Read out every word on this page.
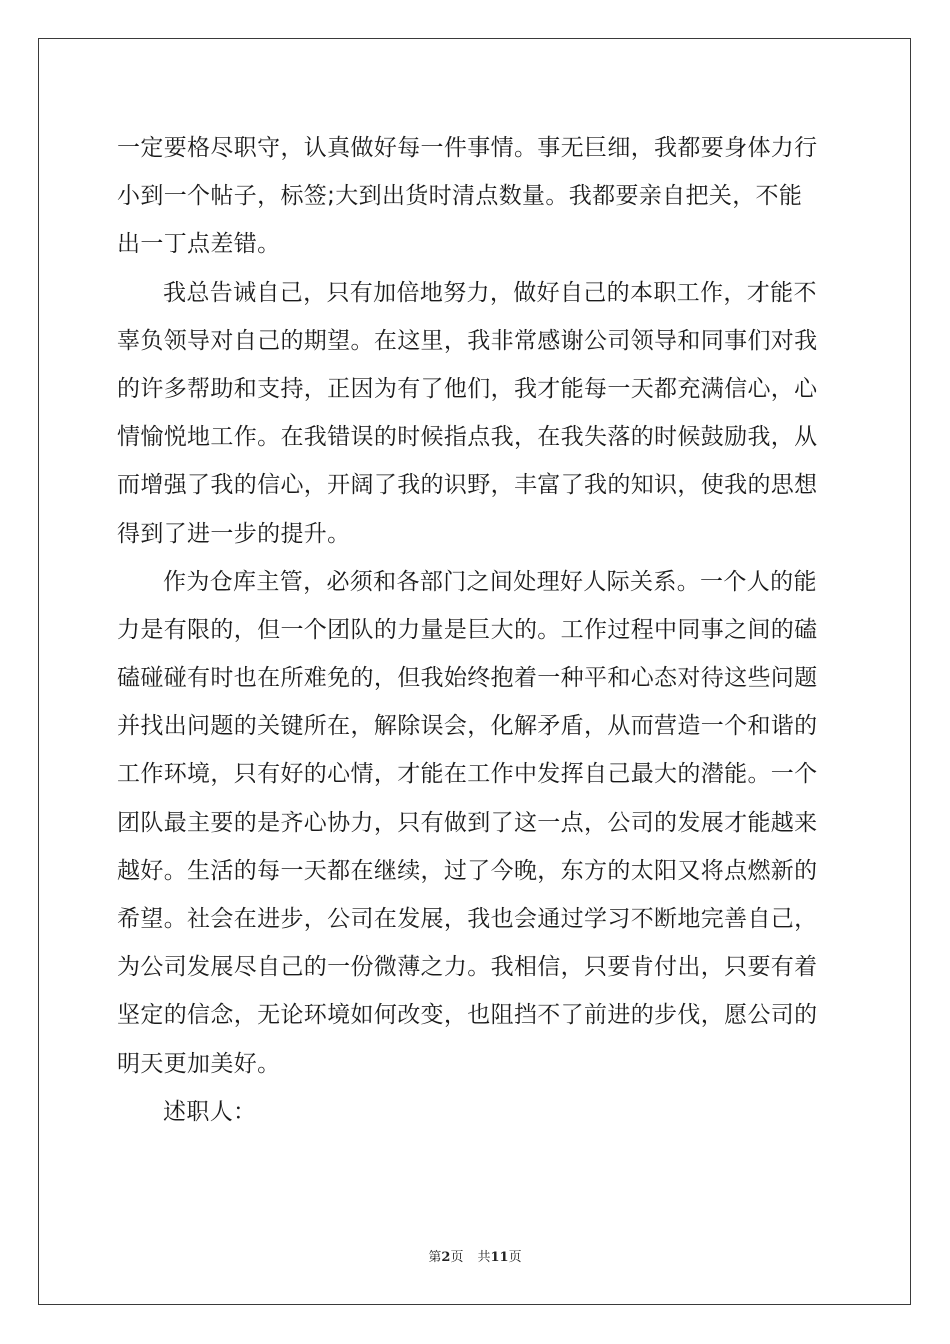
一定要格尽职守，认真做好每一件事情。事无巨细，我都要身体力行
小到一个帖子，标签;大到出货时清点数量。我都要亲自把关，不能
出一丁点差错。
我总告诫自己，只有加倍地努力，做好自己的本职工作，才能不
辜负领导对自己的期望。在这里，我非常感谢公司领导和同事们对我
的许多帮助和支持，正因为有了他们，我才能每一天都充满信心，心
情愉悦地工作。在我错误的时候指点我，在我失落的时候鼓励我，从
而增强了我的信心，开阔了我的识野，丰富了我的知识，使我的思想
得到了进一步的提升。
作为仓库主管，必须和各部门之间处理好人际关系。一个人的能
力是有限的，但一个团队的力量是巨大的。工作过程中同事之间的磕
磕碰碰有时也在所难免的，但我始终抱着一种平和心态对待这些问题
并找出问题的关键所在，解除误会，化解矛盾，从而营造一个和谐的
工作环境，只有好的心情，才能在工作中发挥自己最大的潜能。一个
团队最主要的是齐心协力，只有做到了这一点，公司的发展才能越来
越好。生活的每一天都在继续，过了今晚，东方的太阳又将点燃新的
希望。社会在进步，公司在发展，我也会通过学习不断地完善自己，
为公司发展尽自己的一份微薄之力。我相信，只要肯付出，只要有着
坚定的信念，无论环境如何改变，也阻挡不了前进的步伐，愿公司的
明天更加美好。
述职人：
第2页 共11页
